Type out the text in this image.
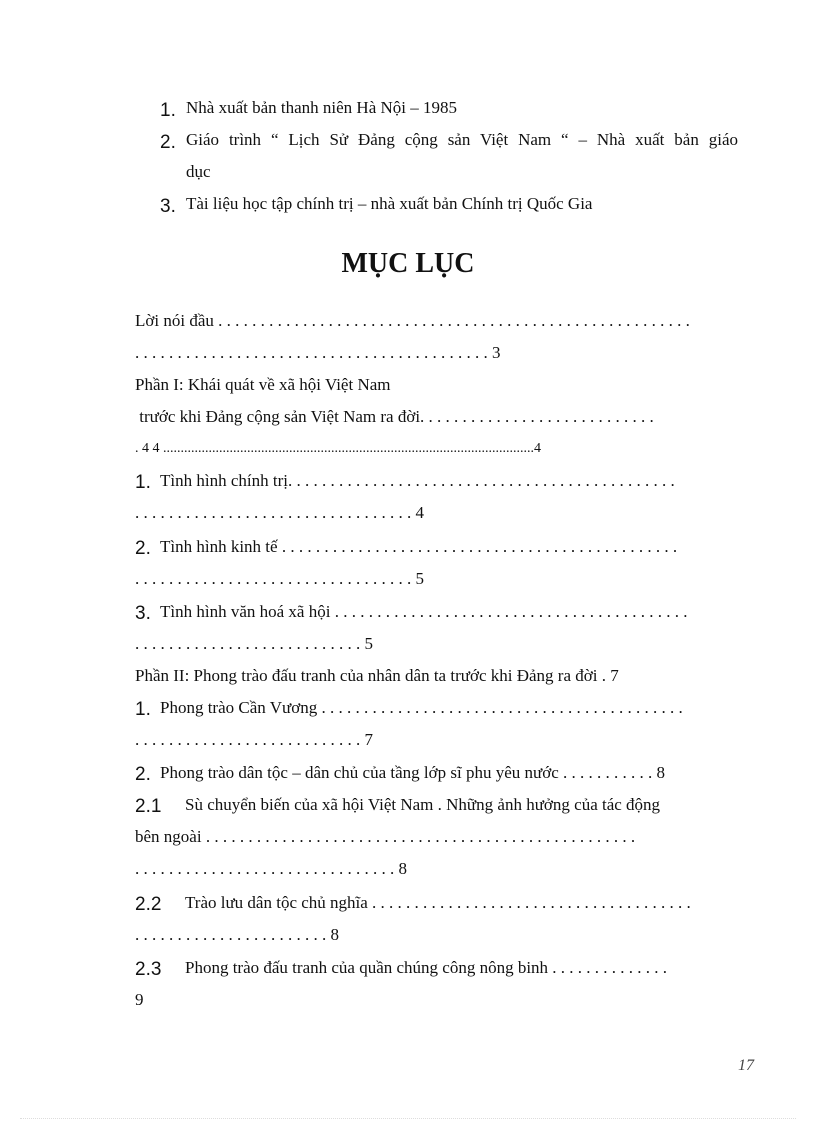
1. Nhà xuất bản thanh niên Hà Nội – 1985
2. Giáo trình “ Lịch Sử Đảng cộng sản Việt Nam “ – Nhà xuất bản giáo
dục
3. Tài liệu học tập chính trị – nhà xuất bản Chính trị Quốc Gia
MỤC LỤC
Lời nói đầu . . . . . . . . . . . . . . . . . . . . . . . . . . . . . . . . . . . . . . . . . . . . . . . . . . . . . . . .
. . . . . . . . . . . . . . . . . . . . . . . . . . . . . . . . . . . . . . . . . . 3
Phần I: Khái quát về xã hội Việt Nam
trước khi Đảng cộng sản Việt Nam ra đời. . . . . . . . . . . . . . . . . . . . . . . . . . . .
. 4 4 ..........................................................................................................4
1. Tình hình chính trị. . . . . . . . . . . . . . . . . . . . . . . . . . . . . . . . . . . . . . . . . . . . . .
. . . . . . . . . . . . . . . . . . . . . . . . . . . . . . . . . 4
2. Tình hình kinh tế . . . . . . . . . . . . . . . . . . . . . . . . . . . . . . . . . . . . . . . . . . . . . . .
. . . . . . . . . . . . . . . . . . . . . . . . . . . . . . . . . 5
3. Tình hình văn hoá xã hội . . . . . . . . . . . . . . . . . . . . . . . . . . . . . . . . . . . . . . . . . .
. . . . . . . . . . . . . . . . . . . . . . . . . . . 5
Phần II: Phong trào đấu tranh của nhân dân ta trước khi Đảng ra đời . 7
1. Phong trào Cần Vương . . . . . . . . . . . . . . . . . . . . . . . . . . . . . . . . . . . . . . . . . . .
. . . . . . . . . . . . . . . . . . . . . . . . . . . 7
2. Phong trào dân tộc – dân chủ của tầng lớp sĩ phu yêu nước . . . . . . . . . . . 8
2.1 Sù chuyển biến của xã hội Việt Nam . Những ảnh hưởng của tác động
bên ngoài . . . . . . . . . . . . . . . . . . . . . . . . . . . . . . . . . . . . . . . . . . . . . . . . . . .
. . . . . . . . . . . . . . . . . . . . . . . . . . . . . . . 8
2.2 Trào lưu dân tộc chủ nghĩa . . . . . . . . . . . . . . . . . . . . . . . . . . . . . . . . . . . . . .
. . . . . . . . . . . . . . . . . . . . . . . 8
2.3 Phong trào đấu tranh của quần chúng công nông binh . . . . . . . . . . . . . .
9
17
